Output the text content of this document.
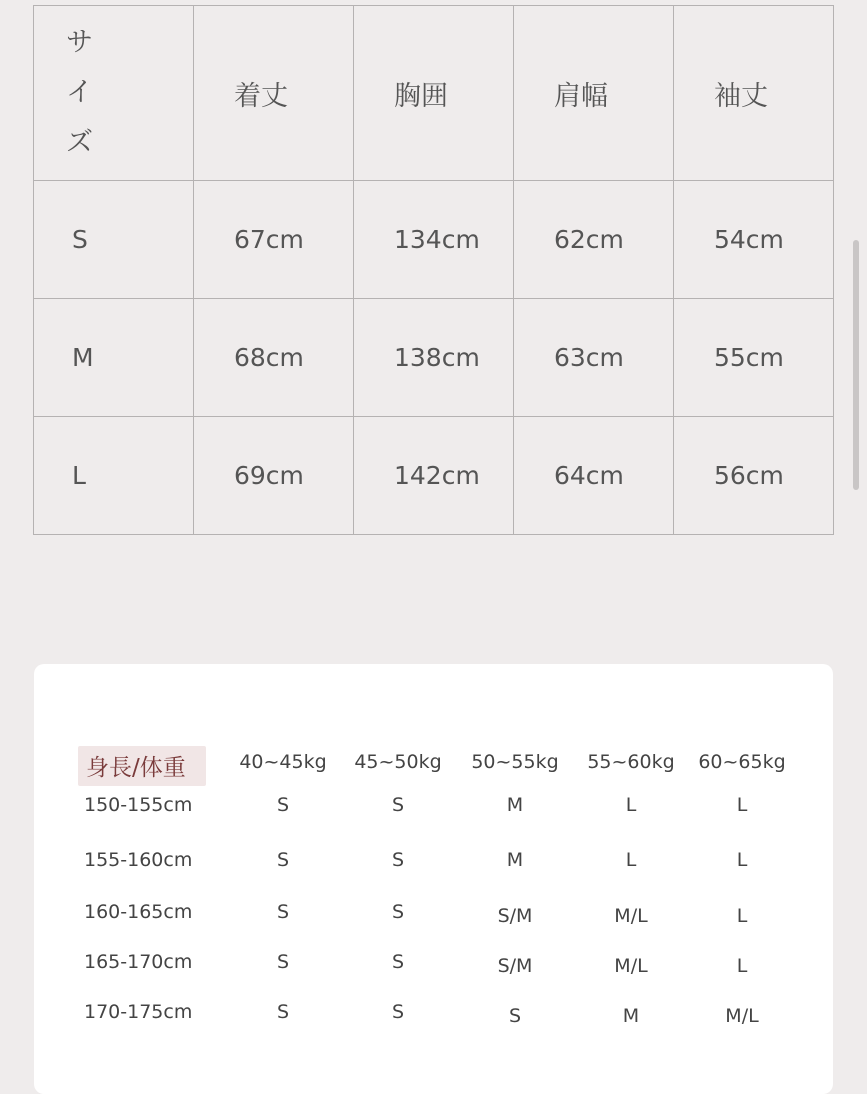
サイズ	着丈	胸囲	肩幅	袖丈
S	67cm	134cm	62cm	54cm
M	68cm	138cm	63cm	55cm
L	69cm	142cm	64cm	56cm
身長/体重	40~45kg 45~50kg 50~55kg 55~60kg 60~65kg
150-155cm	S	S	M	L	L
155-160cm	S	S	M	L	L
160-165cm	S	S	S/M	M/L	L
165-170cm	S	S	S/M	M/L	L
170-175cm	S	S	S	M	M/L
